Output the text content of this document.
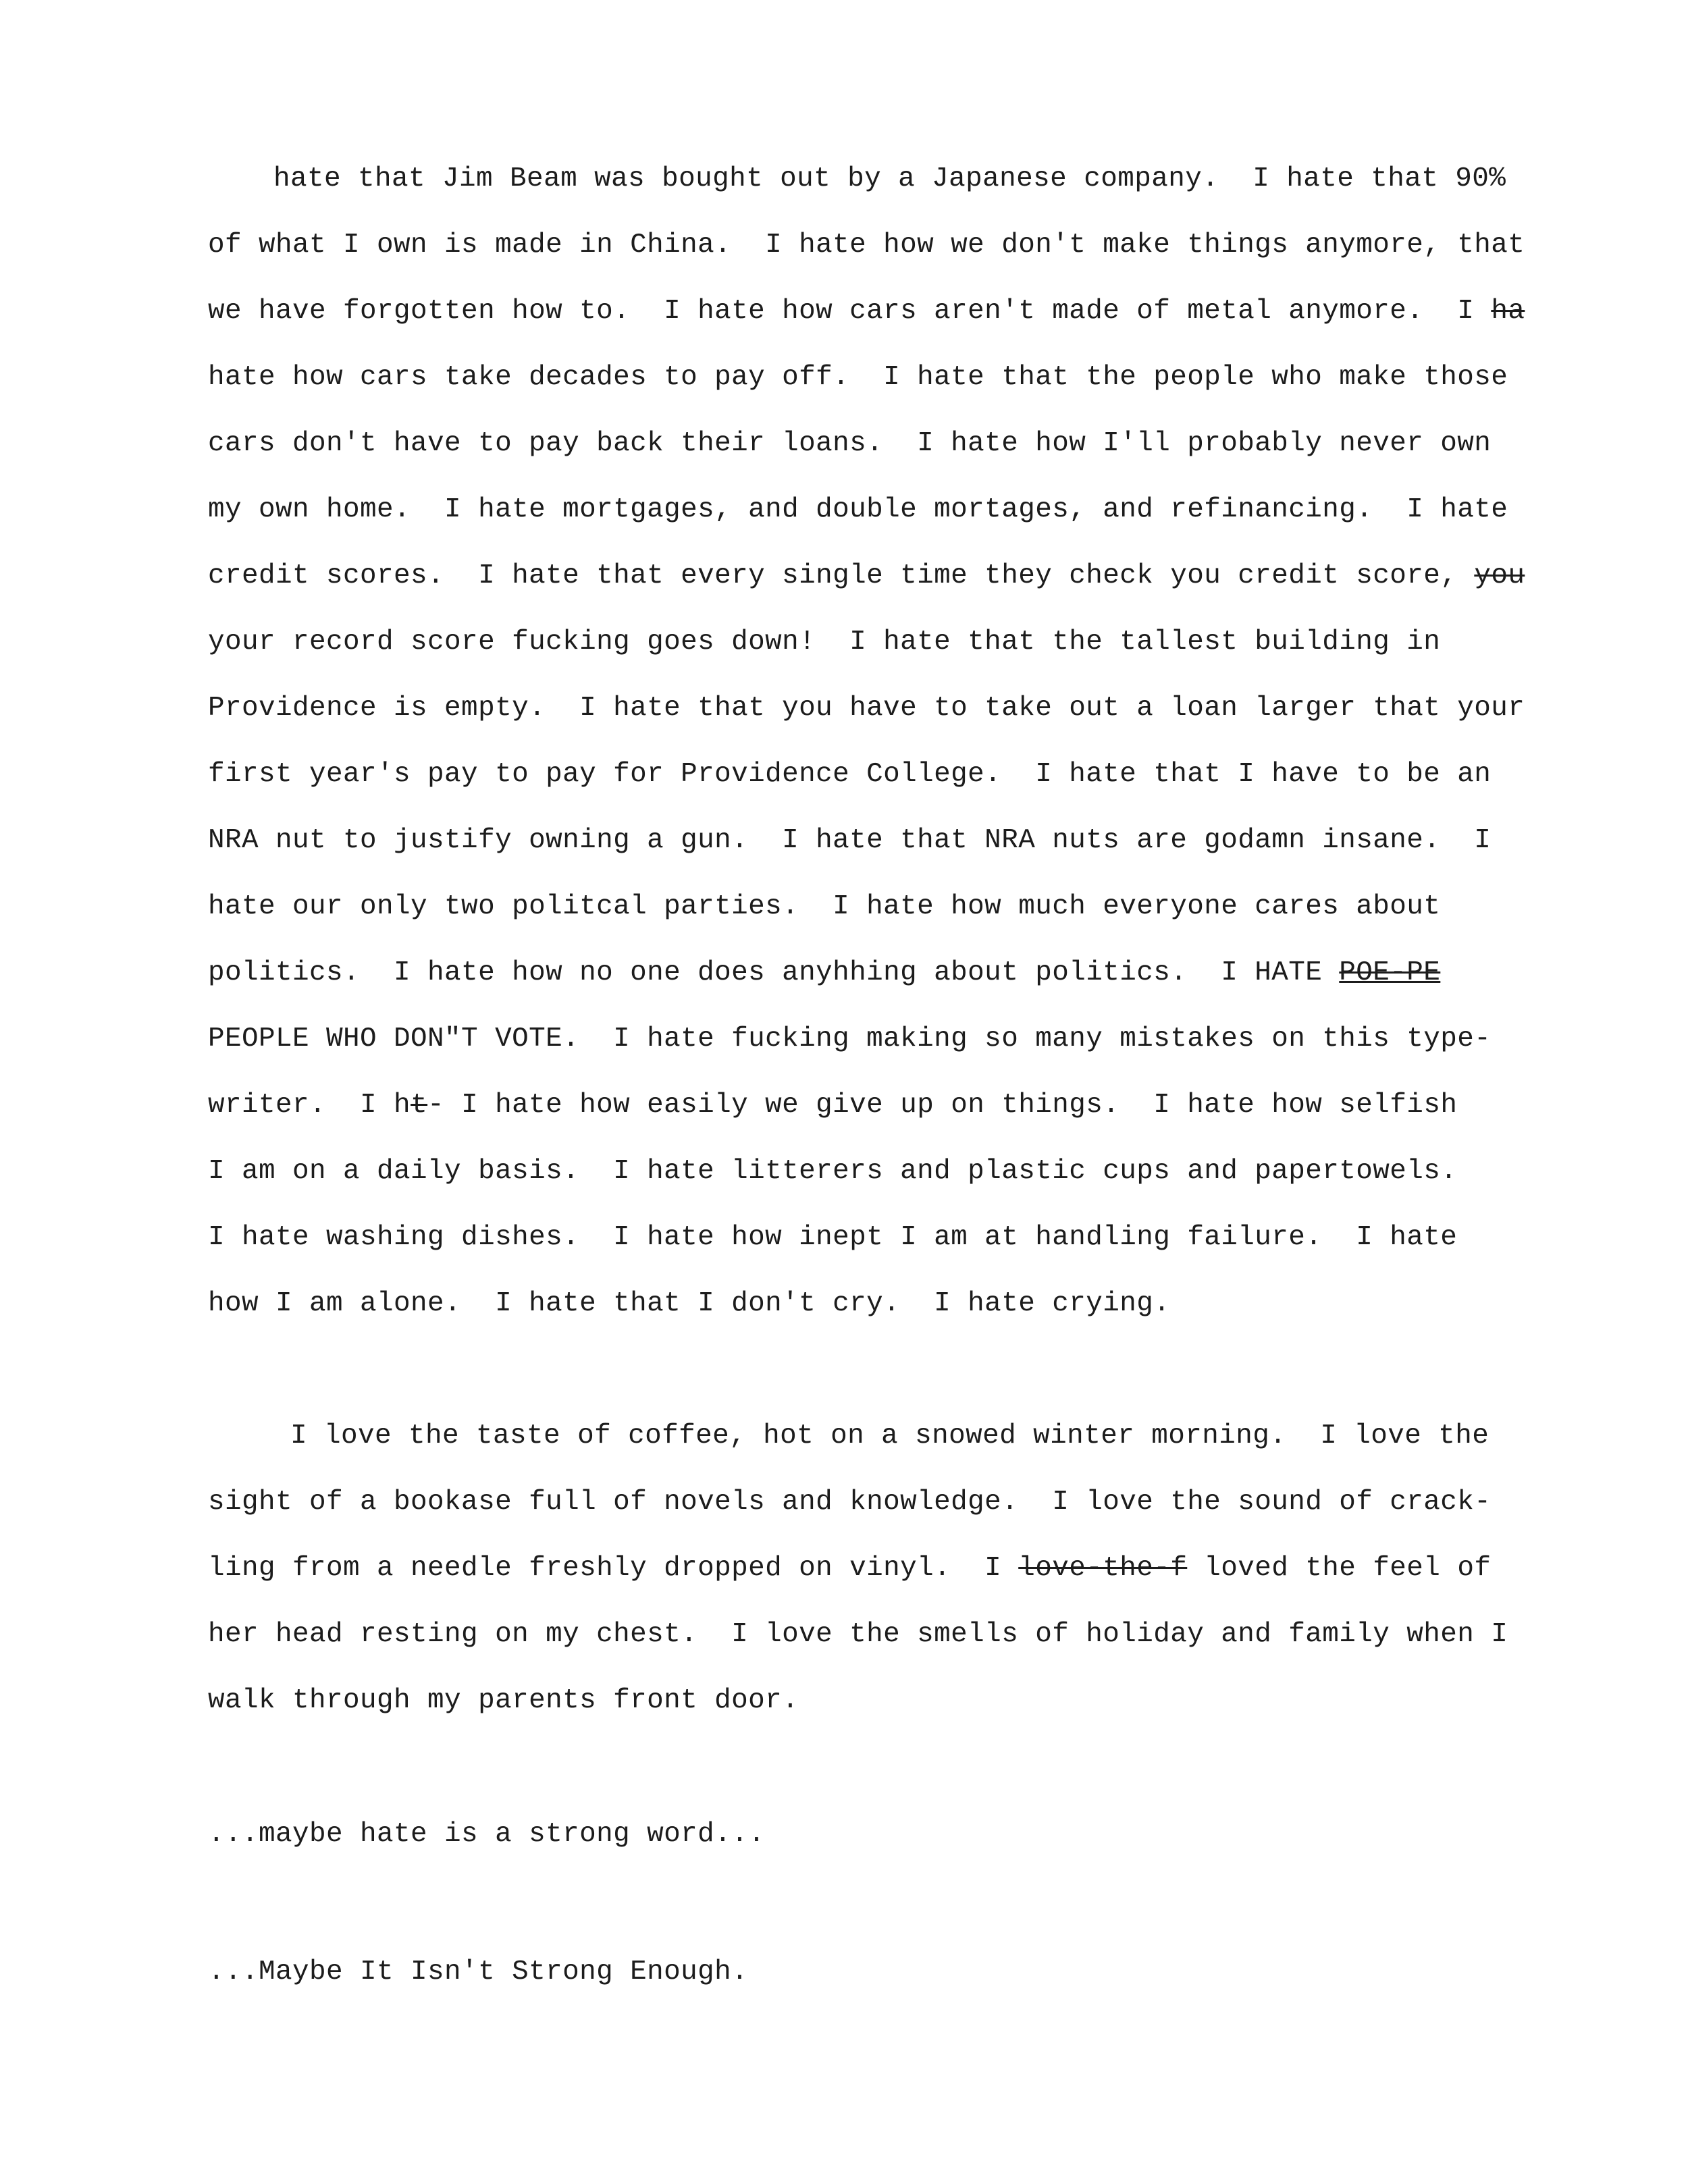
hate that Jim Beam was bought out by a Japanese company.  I hate that 90%
of what I own is made in China.  I hate how we don't make things anymore, that
we have forgotten how to.  I hate how cars aren't made of metal anymore.  I ha
hate how cars take decades to pay off.  I hate that the people who make those
cars don't have to pay back their loans.  I hate how I'll probably never own
my own home.  I hate mortgages, and double mortages, and refinancing.  I hate
credit scores.  I hate that every single time they check you credit score, you
your record score fucking goes down!  I hate that the tallest building in
Providence is empty.  I hate that you have to take out a loan larger that your
first year's pay to pay for Providence College.  I hate that I have to be an
NRA nut to justify owning a gun.  I hate that NRA nuts are godamn insane.  I
hate our only two politcal parties.  I hate how much everyone cares about
politics.  I hate how no one does anyhhing about politics.  I HATE POE-PE
PEOPLE WHO DON"T VOTE.  I hate fucking making so many mistakes on this type-
writer.  I ht- I hate how easily we give up on things.  I hate how selfish
I am on a daily basis.  I hate litterers and plastic cups and papertowels.
I hate washing dishes.  I hate how inept I am at handling failure.  I hate
how I am alone.  I hate that I don't cry.  I hate crying.
I love the taste of coffee, hot on a snowed winter morning.  I love the
sight of a bookase full of novels and knowledge.  I love the sound of crack-
ling from a needle freshly dropped on vinyl.  I love-the-f loved the feel of
her head resting on my chest.  I love the smells of holiday and family when I
walk through my parents front door.
...maybe hate is a strong word...
...Maybe It Isn't Strong Enough.
